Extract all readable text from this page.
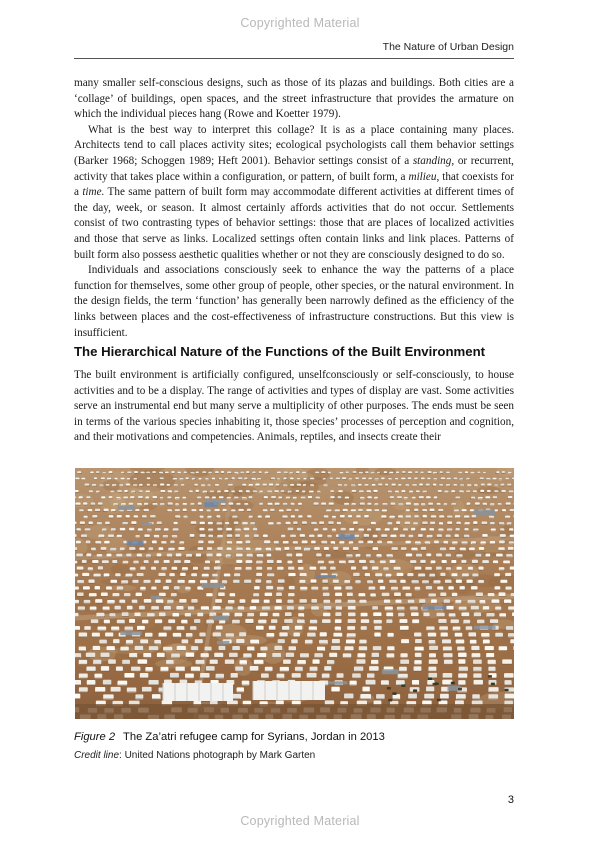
Copyrighted Material
The Nature of Urban Design

many smaller self-conscious designs, such as those of its plazas and buildings. Both cities are a ‘collage’ of buildings, open spaces, and the street infrastructure that provides the armature on which the individual pieces hang (Rowe and Koetter 1979).

What is the best way to interpret this collage? It is as a place containing many places. Architects tend to call places activity sites; ecological psychologists call them behavior settings (Barker 1968; Schoggen 1989; Heft 2001). Behavior settings consist of a standing, or recurrent, activity that takes place within a configuration, or pattern, of built form, a milieu, that coexists for a time. The same pattern of built form may accommodate different activities at different times of the day, week, or season. It almost certainly affords activities that do not occur. Settlements consist of two contrasting types of behavior settings: those that are places of localized activities and those that serve as links. Localized settings often contain links and link places. Patterns of built form also possess aesthetic qualities whether or not they are consciously designed to do so.

Individuals and associations consciously seek to enhance the way the patterns of a place function for themselves, some other group of people, other species, or the natural environment. In the design fields, the term ‘function’ has generally been narrowly defined as the efficiency of the links between places and the cost-effectiveness of infrastructure constructions. But this view is insufficient.

The Hierarchical Nature of the Functions of the Built Environment

The built environment is artificially configured, unselfconsciously or self-consciously, to house activities and to be a display. The range of activities and types of display are vast. Some activities serve an instrumental end but many serve a multiplicity of other purposes. The ends must be seen in terms of the various species inhabiting it, those species’ processes of perception and cognition, and their motivations and competencies. Animals, reptiles, and insects create their

Figure 2 The Za’atri refugee camp for Syrians, Jordan in 2013
Credit line: United Nations photograph by Mark Garten
3
Copyrighted Material
